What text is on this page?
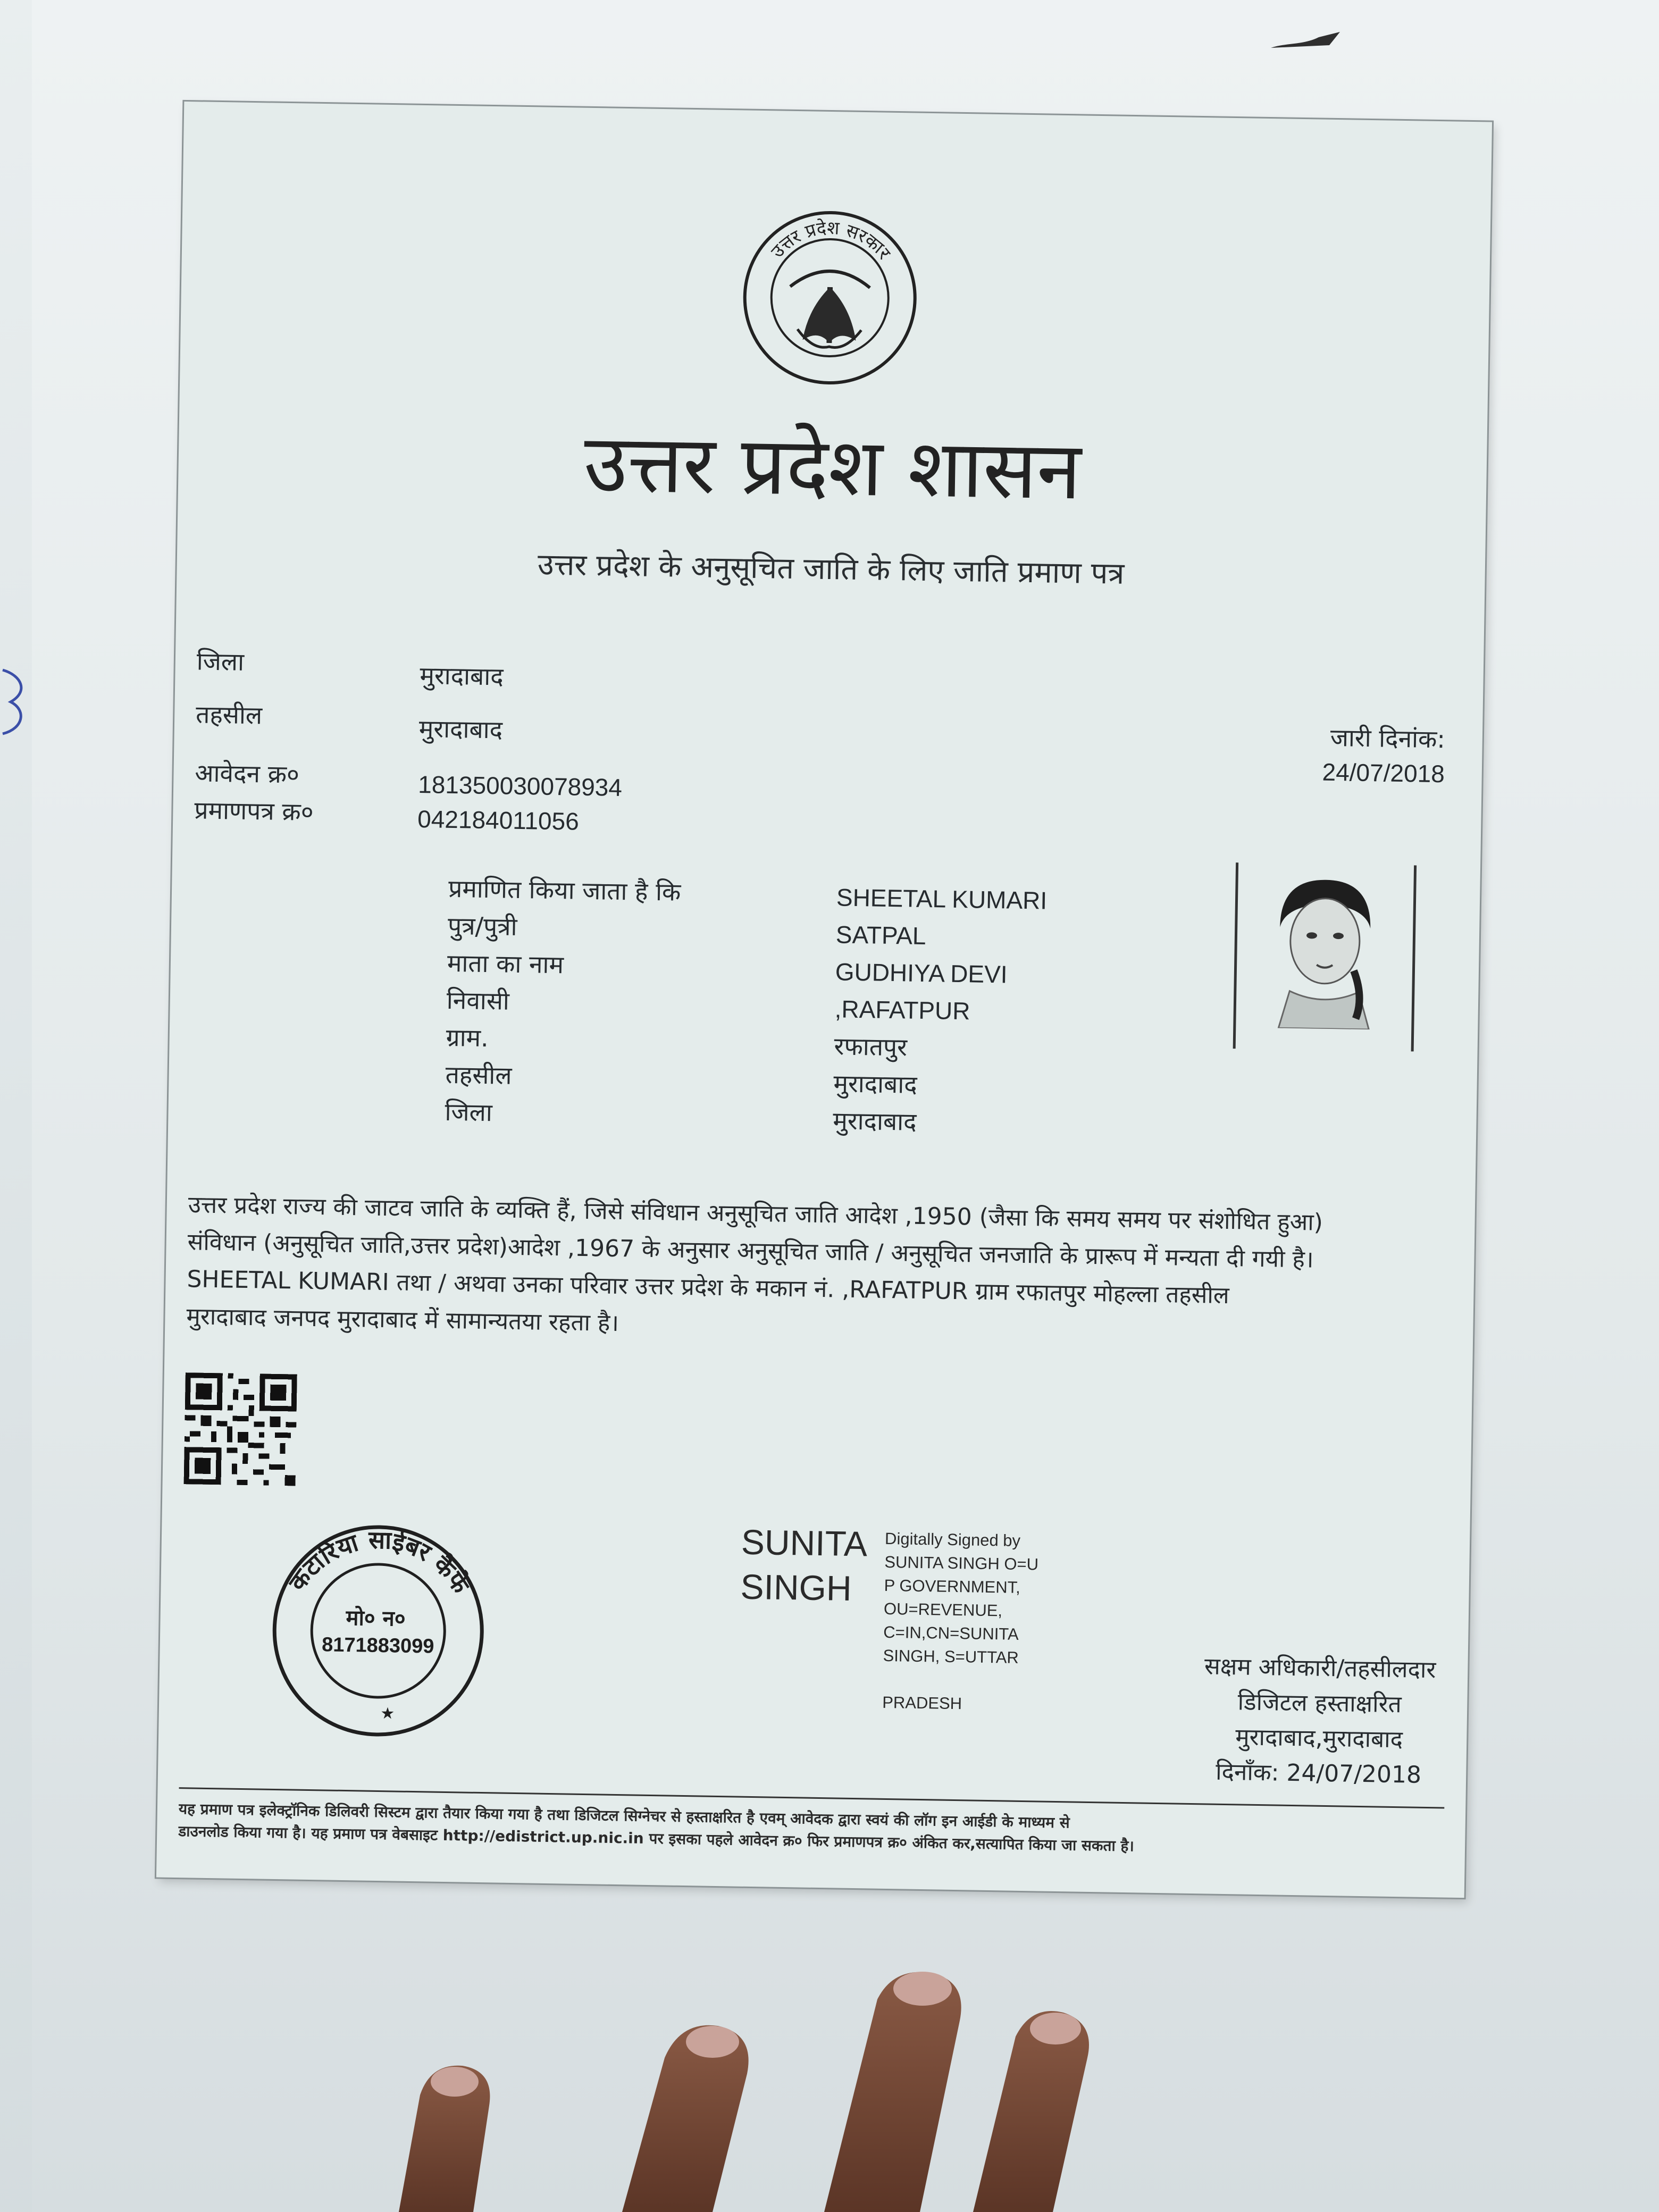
उत्तर प्रदेश सरकार
उत्तर प्रदेश शासन
उत्तर प्रदेश के अनुसूचित जाति के लिए जाति प्रमाण पत्र
जिला	मुरादाबाद
तहसील	मुरादाबाद
आवेदन क्र०	181350030078934
प्रमाणपत्र क्र०	042184011056
जारी दिनांक:
24/07/2018
प्रमाणित किया जाता है कि	SHEETAL KUMARI
पुत्र/पुत्री	SATPAL
माता का नाम	GUDHIYA DEVI
निवासी	,RAFATPUR
ग्राम.	रफातपुर
तहसील	मुरादाबाद
जिला	मुरादाबाद
उत्तर प्रदेश राज्य की जाटव जाति के व्यक्ति हैं, जिसे संविधान अनुसूचित जाति आदेश ,1950 (जैसा कि समय समय पर संशोधित हुआ)
संविधान (अनुसूचित जाति,उत्तर प्रदेश)आदेश ,1967 के अनुसार अनुसूचित जाति / अनुसूचित जनजाति के प्रारूप में मन्यता दी गयी है।
SHEETAL KUMARI तथा / अथवा उनका परिवार उत्तर प्रदेश के मकान नं. ,RAFATPUR ग्राम रफातपुर मोहल्ला तहसील
मुरादाबाद जनपद मुरादाबाद में सामान्यतया रहता है।
कटारिया साईबर कैफे
मो० न०
8171883099
★
SUNITA
SINGH
Digitally Signed by
SUNITA SINGH O=U
P GOVERNMENT,
OU=REVENUE,
C=IN,CN=SUNITA
SINGH, S=UTTAR

PRADESH
सक्षम अधिकारी/तहसीलदार
डिजिटल हस्ताक्षरित
मुरादाबाद,मुरादाबाद
दिनाँक: 24/07/2018
यह प्रमाण पत्र इलेक्ट्रॉनिक डिलिवरी सिस्टम द्वारा तैयार किया गया है तथा डिजिटल सिग्नेचर से हस्ताक्षरित है एवम् आवेदक द्वारा स्वयं की लॉग इन आईडी के माध्यम से
डाउनलोड किया गया है। यह प्रमाण पत्र वेबसाइट http://edistrict.up.nic.in पर इसका पहले आवेदन क्र० फिर प्रमाणपत्र क्र० अंकित कर,सत्यापित किया जा सकता है।
